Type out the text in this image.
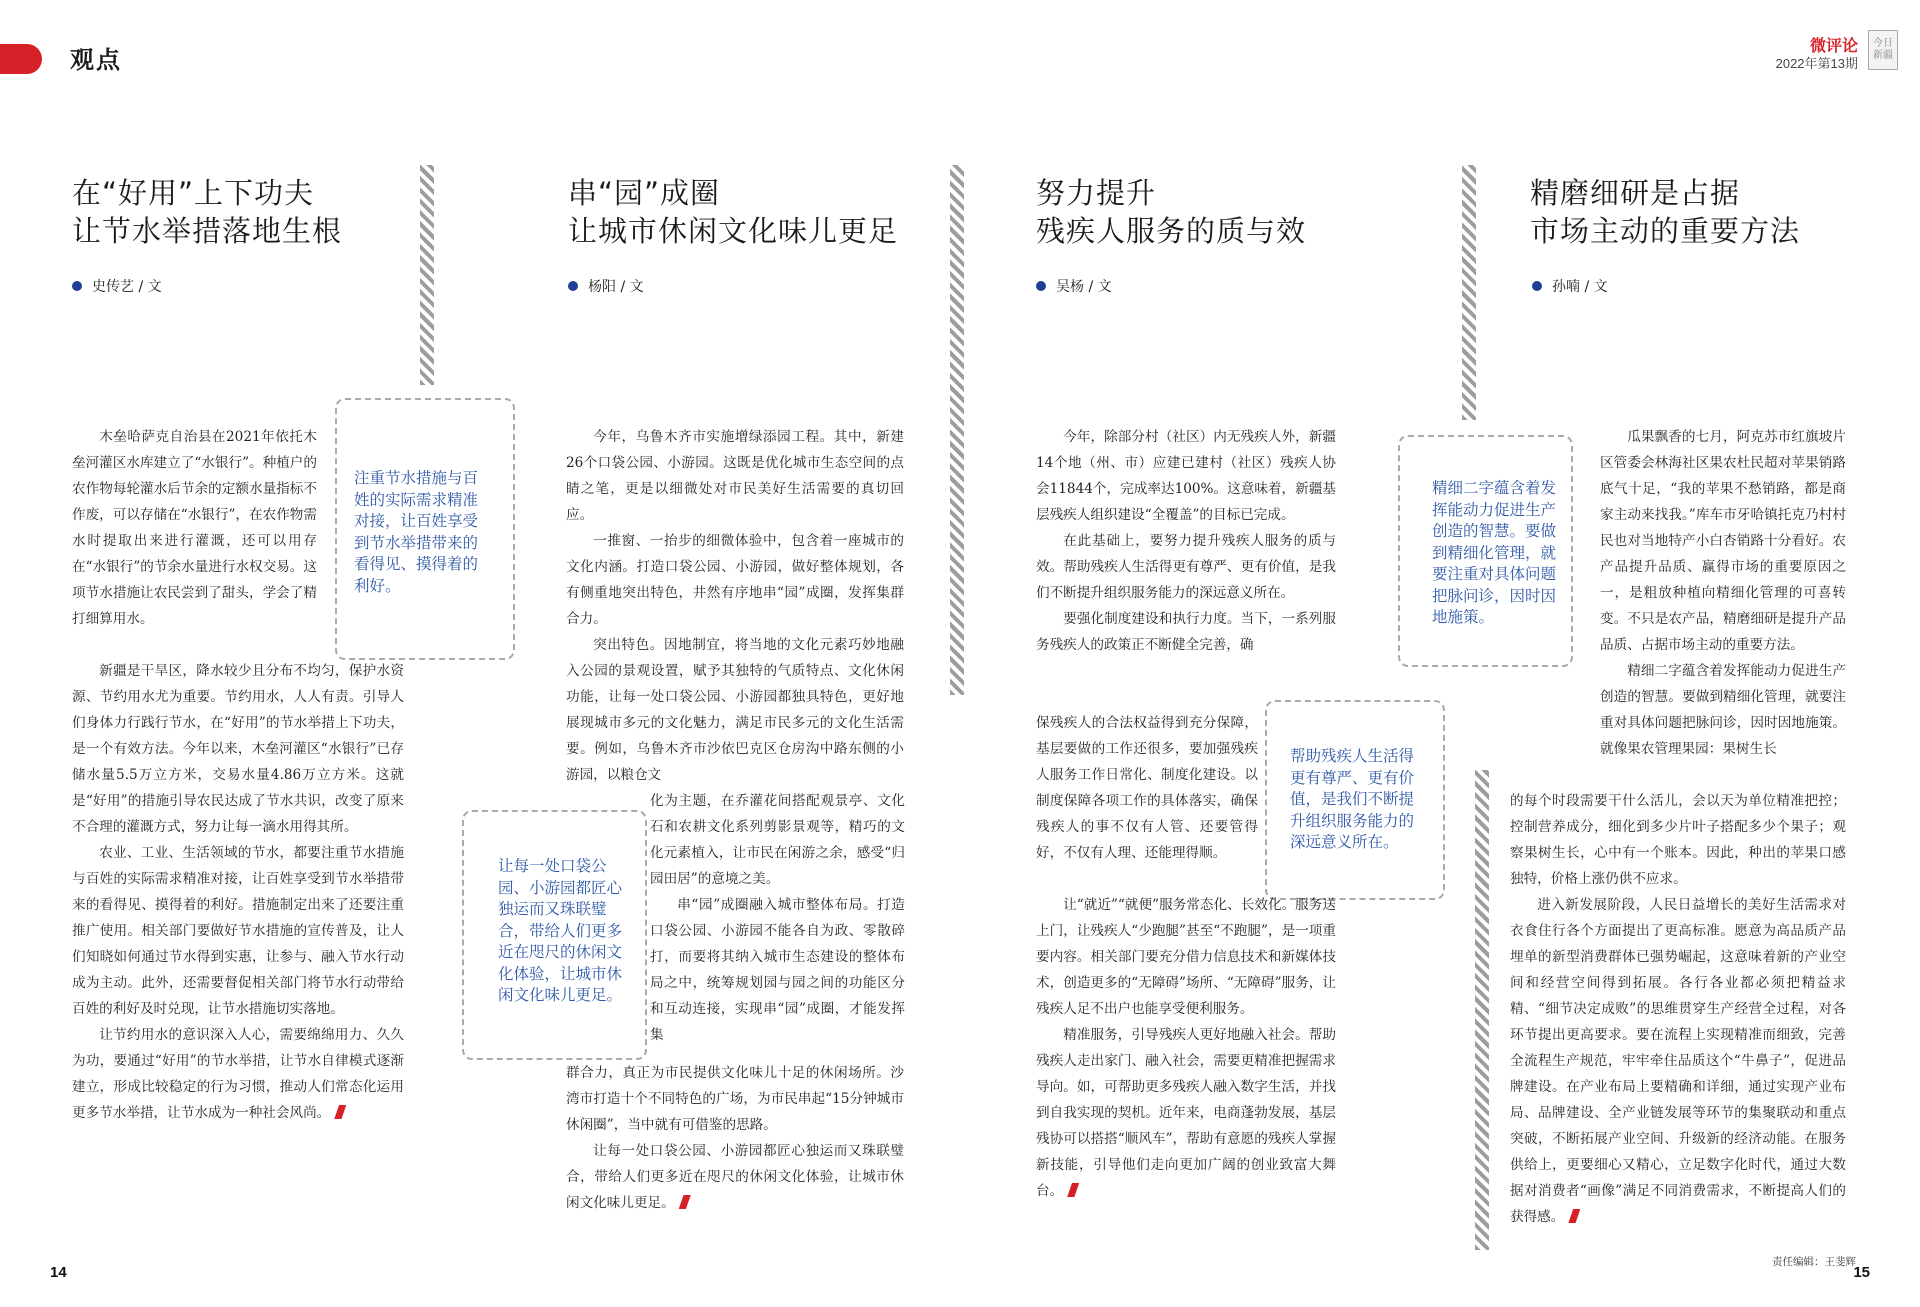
观点	微评论
2022年第13期
今日新疆
在“好用”上下功夫
让节水举措落地生根
史传艺 / 文
注重节水措施与百姓的实际需求精准对接，让百姓享受到节水举措带来的看得见、摸得着的利好。

木垒哈萨克自治县在2021年依托木垒河灌区水库建立了“水银行”。种植户的农作物每轮灌水后节余的定额水量指标不作废，可以存储在“水银行”，在农作物需水时提取出来进行灌溉，还可以用存在“水银行”的节余水量进行水权交易。这项节水措施让农民尝到了甜头，学会了精打细算用水。

新疆是干旱区，降水较少且分布不均匀，保护水资源、节约用水尤为重要。节约用水，人人有责。引导人们身体力行践行节水，在“好用”的节水举措上下功夫，是一个有效方法。今年以来，木垒河灌区“水银行”已存储水量5.5万立方米，交易水量4.86万立方米。这就是“好用”的措施引导农民达成了节水共识，改变了原来不合理的灌溉方式，努力让每一滴水用得其所。

农业、工业、生活领域的节水，都要注重节水措施与百姓的实际需求精准对接，让百姓享受到节水举措带来的看得见、摸得着的利好。措施制定出来了还要注重推广使用。相关部门要做好节水措施的宣传普及，让人们知晓如何通过节水得到实惠，让参与、融入节水行动成为主动。此外，还需要督促相关部门将节水行动带给百姓的利好及时兑现，让节水措施切实落地。

让节约用水的意识深入人心，需要绵绵用力、久久为功，要通过“好用”的节水举措，让节水自律模式逐渐建立，形成比较稳定的行为习惯，推动人们常态化运用更多节水举措，让节水成为一种社会风尚。

串“园”成圈
让城市休闲文化味儿更足
杨阳 / 文

今年，乌鲁木齐市实施增绿添园工程。其中，新建26个口袋公园、小游园。这既是优化城市生态空间的点睛之笔，更是以细微处对市民美好生活需要的真切回应。

一推窗、一抬步的细微体验中，包含着一座城市的文化内涵。打造口袋公园、小游园，做好整体规划，各有侧重地突出特色，井然有序地串“园”成圈，发挥集群合力。

突出特色。因地制宜，将当地的文化元素巧妙地融入公园的景观设置，赋予其独特的气质特点、文化休闲功能，让每一处口袋公园、小游园都独具特色，更好地展现城市多元的文化魅力，满足市民多元的文化生活需要。例如，乌鲁木齐市沙依巴克区仓房沟中路东侧的小游园，以粮仓文

让每一处口袋公园、小游园都匠心独运而又珠联璧合，带给人们更多近在咫尺的休闲文化体验，让城市休闲文化味儿更足。

化为主题，在乔灌花间搭配观景亭、文化石和农耕文化系列剪影景观等，精巧的文化元素植入，让市民在闲游之余，感受“归园田居”的意境之美。

串“园”成圈融入城市整体布局。打造口袋公园、小游园不能各自为政、零散碎打，而要将其纳入城市生态建设的整体布局之中，统筹规划园与园之间的功能区分和互动连接，实现串“园”成圈，才能发挥集

群合力，真正为市民提供文化味儿十足的休闲场所。沙湾市打造十个不同特色的广场，为市民串起“15分钟城市休闲圈”，当中就有可借鉴的思路。

让每一处口袋公园、小游园都匠心独运而又珠联璧合，带给人们更多近在咫尺的休闲文化体验，让城市休闲文化味儿更足。

努力提升
残疾人服务的质与效
吴杨 / 文

今年，除部分村（社区）内无残疾人外，新疆14个地（州、市）应建已建村（社区）残疾人协会11844个，完成率达100%。这意味着，新疆基层残疾人组织建设“全覆盖”的目标已完成。

在此基础上，要努力提升残疾人服务的质与效。帮助残疾人生活得更有尊严、更有价值，是我们不断提升组织服务能力的深远意义所在。

要强化制度建设和执行力度。当下，一系列服务残疾人的政策正不断健全完善，确

帮助残疾人生活得更有尊严、更有价值，是我们不断提升组织服务能力的深远意义所在。

保残疾人的合法权益得到充分保障，基层要做的工作还很多，要加强残疾人服务工作日常化、制度化建设。以制度保障各项工作的具体落实，确保残疾人的事不仅有人管、还要管得好，不仅有人理、还能理得顺。

让“就近”“就便”服务常态化、长效化。服务送上门，让残疾人“少跑腿”甚至“不跑腿”，是一项重要内容。相关部门要充分借力信息技术和新媒体技术，创造更多的“无障碍”场所、“无障碍”服务，让残疾人足不出户也能享受便利服务。

精准服务，引导残疾人更好地融入社会。帮助残疾人走出家门、融入社会，需要更精准把握需求导向。如，可帮助更多残疾人融入数字生活，并找到自我实现的契机。近年来，电商蓬勃发展，基层残协可以搭搭“顺风车”，帮助有意愿的残疾人掌握新技能，引导他们走向更加广阔的创业致富大舞台。

精磨细研是占据
市场主动的重要方法
孙喃 / 文
精细二字蕴含着发挥能动力促进生产创造的智慧。要做到精细化管理，就要注重对具体问题把脉问诊，因时因地施策。

瓜果飘香的七月，阿克苏市红旗坡片区管委会林海社区果农杜民超对苹果销路底气十足，“我的苹果不愁销路，都是商家主动来找我。”库车市牙哈镇托克乃村村民也对当地特产小白杏销路十分看好。农产品提升品质、赢得市场的重要原因之一，是粗放种植向精细化管理的可喜转变。不只是农产品，精磨细研是提升产品品质、占据市场主动的重要方法。

精细二字蕴含着发挥能动力促进生产创造的智慧。要做到精细化管理，就要注重对具体问题把脉问诊，因时因地施策。就像果农管理果园：果树生长

的每个时段需要干什么活儿，会以天为单位精准把控；控制营养成分，细化到多少片叶子搭配多少个果子；观察果树生长，心中有一个账本。因此，种出的苹果口感独特，价格上涨仍供不应求。

进入新发展阶段，人民日益增长的美好生活需求对衣食住行各个方面提出了更高标准。愿意为高品质产品埋单的新型消费群体已强势崛起，这意味着新的产业空间和经营空间得到拓展。各行各业都必须把精益求精、“细节决定成败”的思维贯穿生产经营全过程，对各环节提出更高要求。要在流程上实现精准而细致，完善全流程生产规范，牢牢牵住品质这个“牛鼻子”，促进品牌建设。在产业布局上要精确和详细，通过实现产业布局、品牌建设、全产业链发展等环节的集聚联动和重点突破，不断拓展产业空间、升级新的经济动能。在服务供给上，更要细心又精心，立足数字化时代，通过大数据对消费者“画像”满足不同消费需求，不断提高人们的获得感。

14	15
责任编辑：王斐辉
